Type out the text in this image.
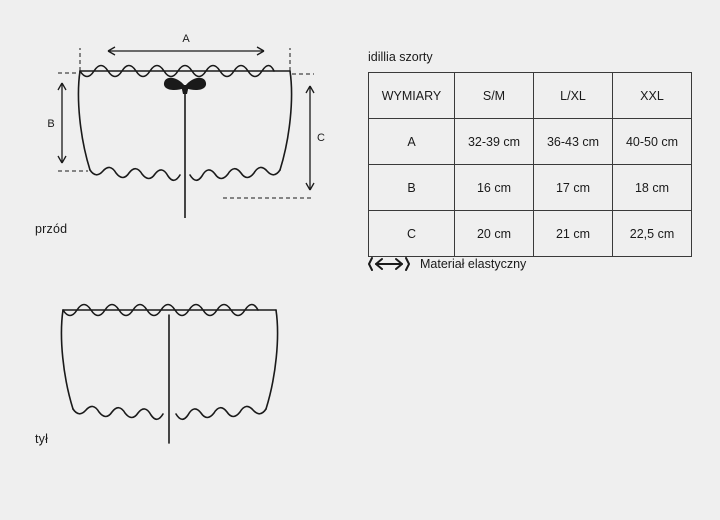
A
B
C
przód
tył
idillia szorty
WYMIARY	S/M	L/XL	XXL
A	32-39 cm	36-43 cm	40-50 cm
B	16 cm	17 cm	18 cm
C	20 cm	21 cm	22,5 cm
Materiał elastyczny
